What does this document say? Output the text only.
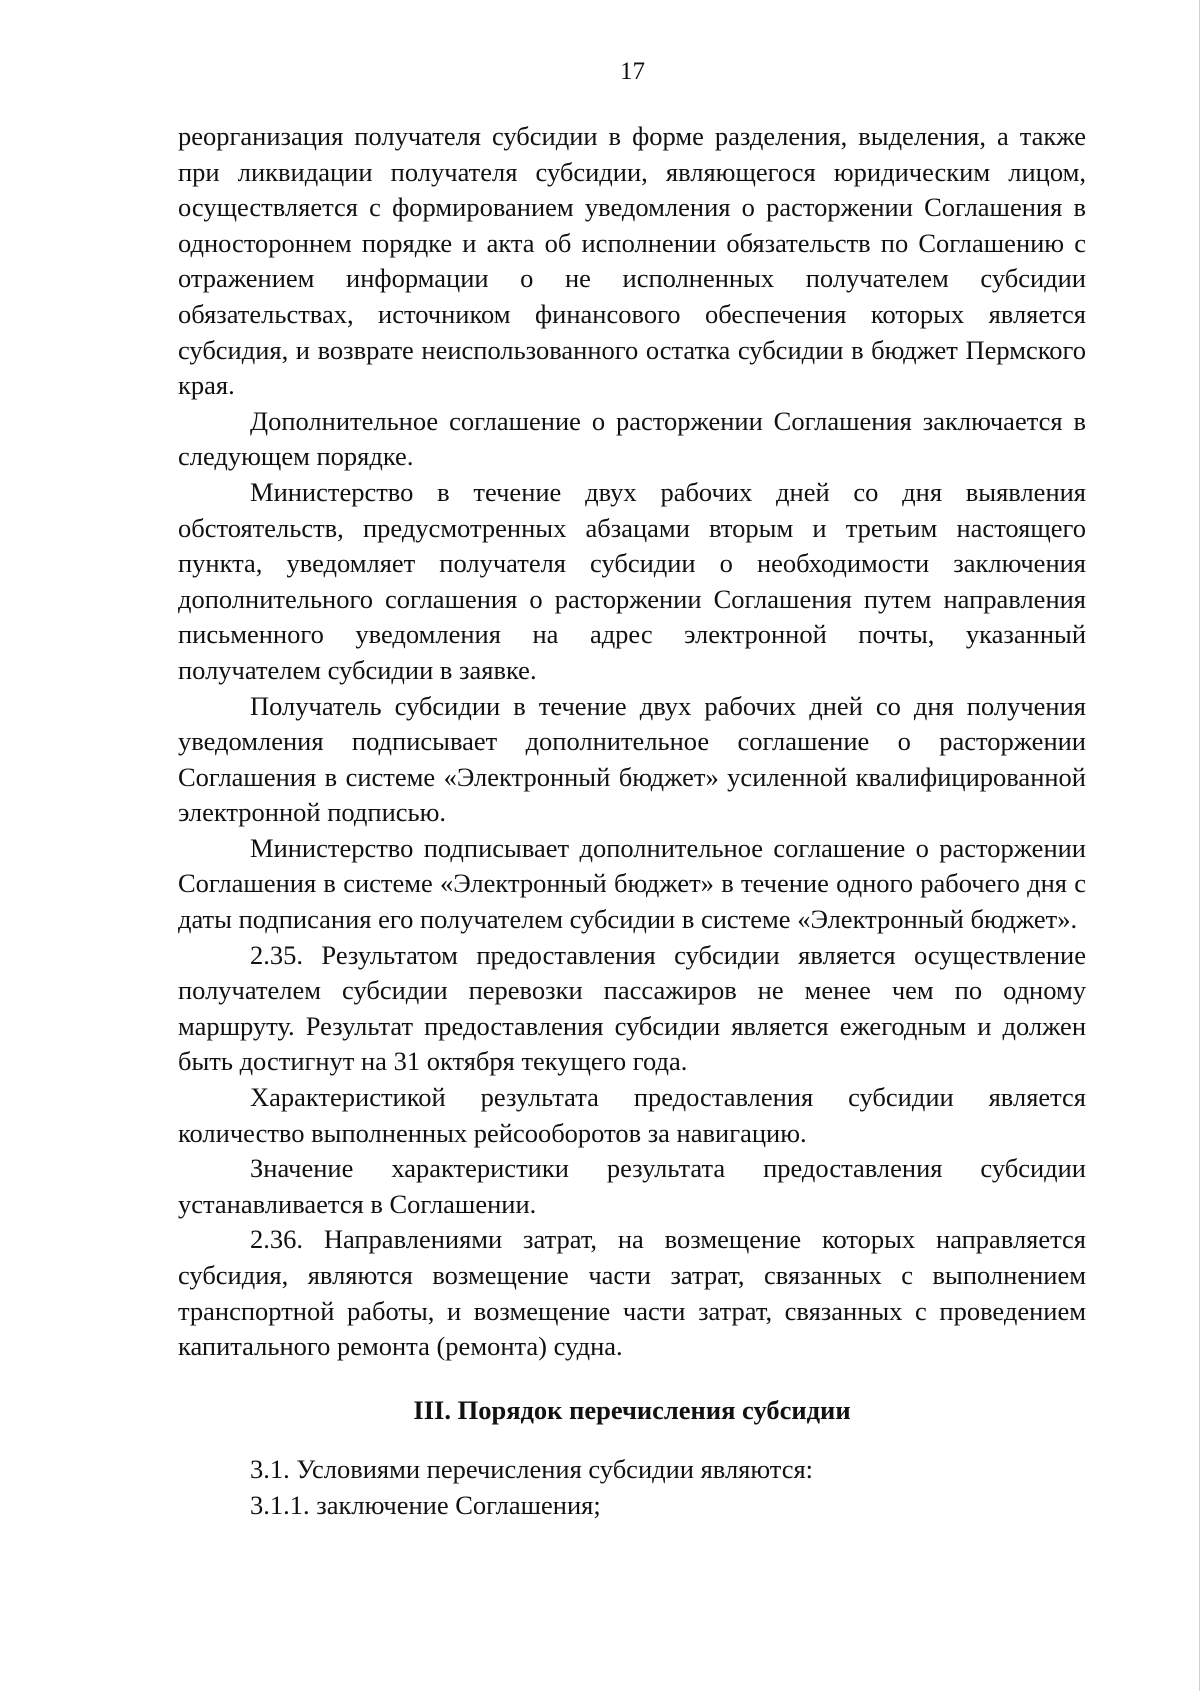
17

реорганизация получателя субсидии в форме разделения, выделения, а также при ликвидации получателя субсидии, являющегося юридическим лицом, осуществляется с формированием уведомления о расторжении Соглашения в одностороннем порядке и акта об исполнении обязательств по Соглашению с отражением информации о не исполненных получателем субсидии обязательствах, источником финансового обеспечения которых является субсидия, и возврате неиспользованного остатка субсидии в бюджет Пермского края.

Дополнительное соглашение о расторжении Соглашения заключается в следующем порядке.

Министерство в течение двух рабочих дней со дня выявления обстоятельств, предусмотренных абзацами вторым и третьим настоящего пункта, уведомляет получателя субсидии о необходимости заключения дополнительного соглашения о расторжении Соглашения путем направления письменного уведомления на адрес электронной почты, указанный получателем субсидии в заявке.

Получатель субсидии в течение двух рабочих дней со дня получения уведомления подписывает дополнительное соглашение о расторжении Соглашения в системе «Электронный бюджет» усиленной квалифицированной электронной подписью.

Министерство подписывает дополнительное соглашение о расторжении Соглашения в системе «Электронный бюджет» в течение одного рабочего дня с даты подписания его получателем субсидии в системе «Электронный бюджет».

2.35. Результатом предоставления субсидии является осуществление получателем субсидии перевозки пассажиров не менее чем по одному маршруту. Результат предоставления субсидии является ежегодным и должен быть достигнут на 31 октября текущего года.

Характеристикой результата предоставления субсидии является количество выполненных рейсооборотов за навигацию.

Значение характеристики результата предоставления субсидии устанавливается в Соглашении.

2.36. Направлениями затрат, на возмещение которых направляется субсидия, являются возмещение части затрат, связанных с выполнением транспортной работы, и возмещение части затрат, связанных с проведением капитального ремонта (ремонта) судна.

III. Порядок перечисления субсидии

3.1. Условиями перечисления субсидии являются:

3.1.1. заключение Соглашения;
